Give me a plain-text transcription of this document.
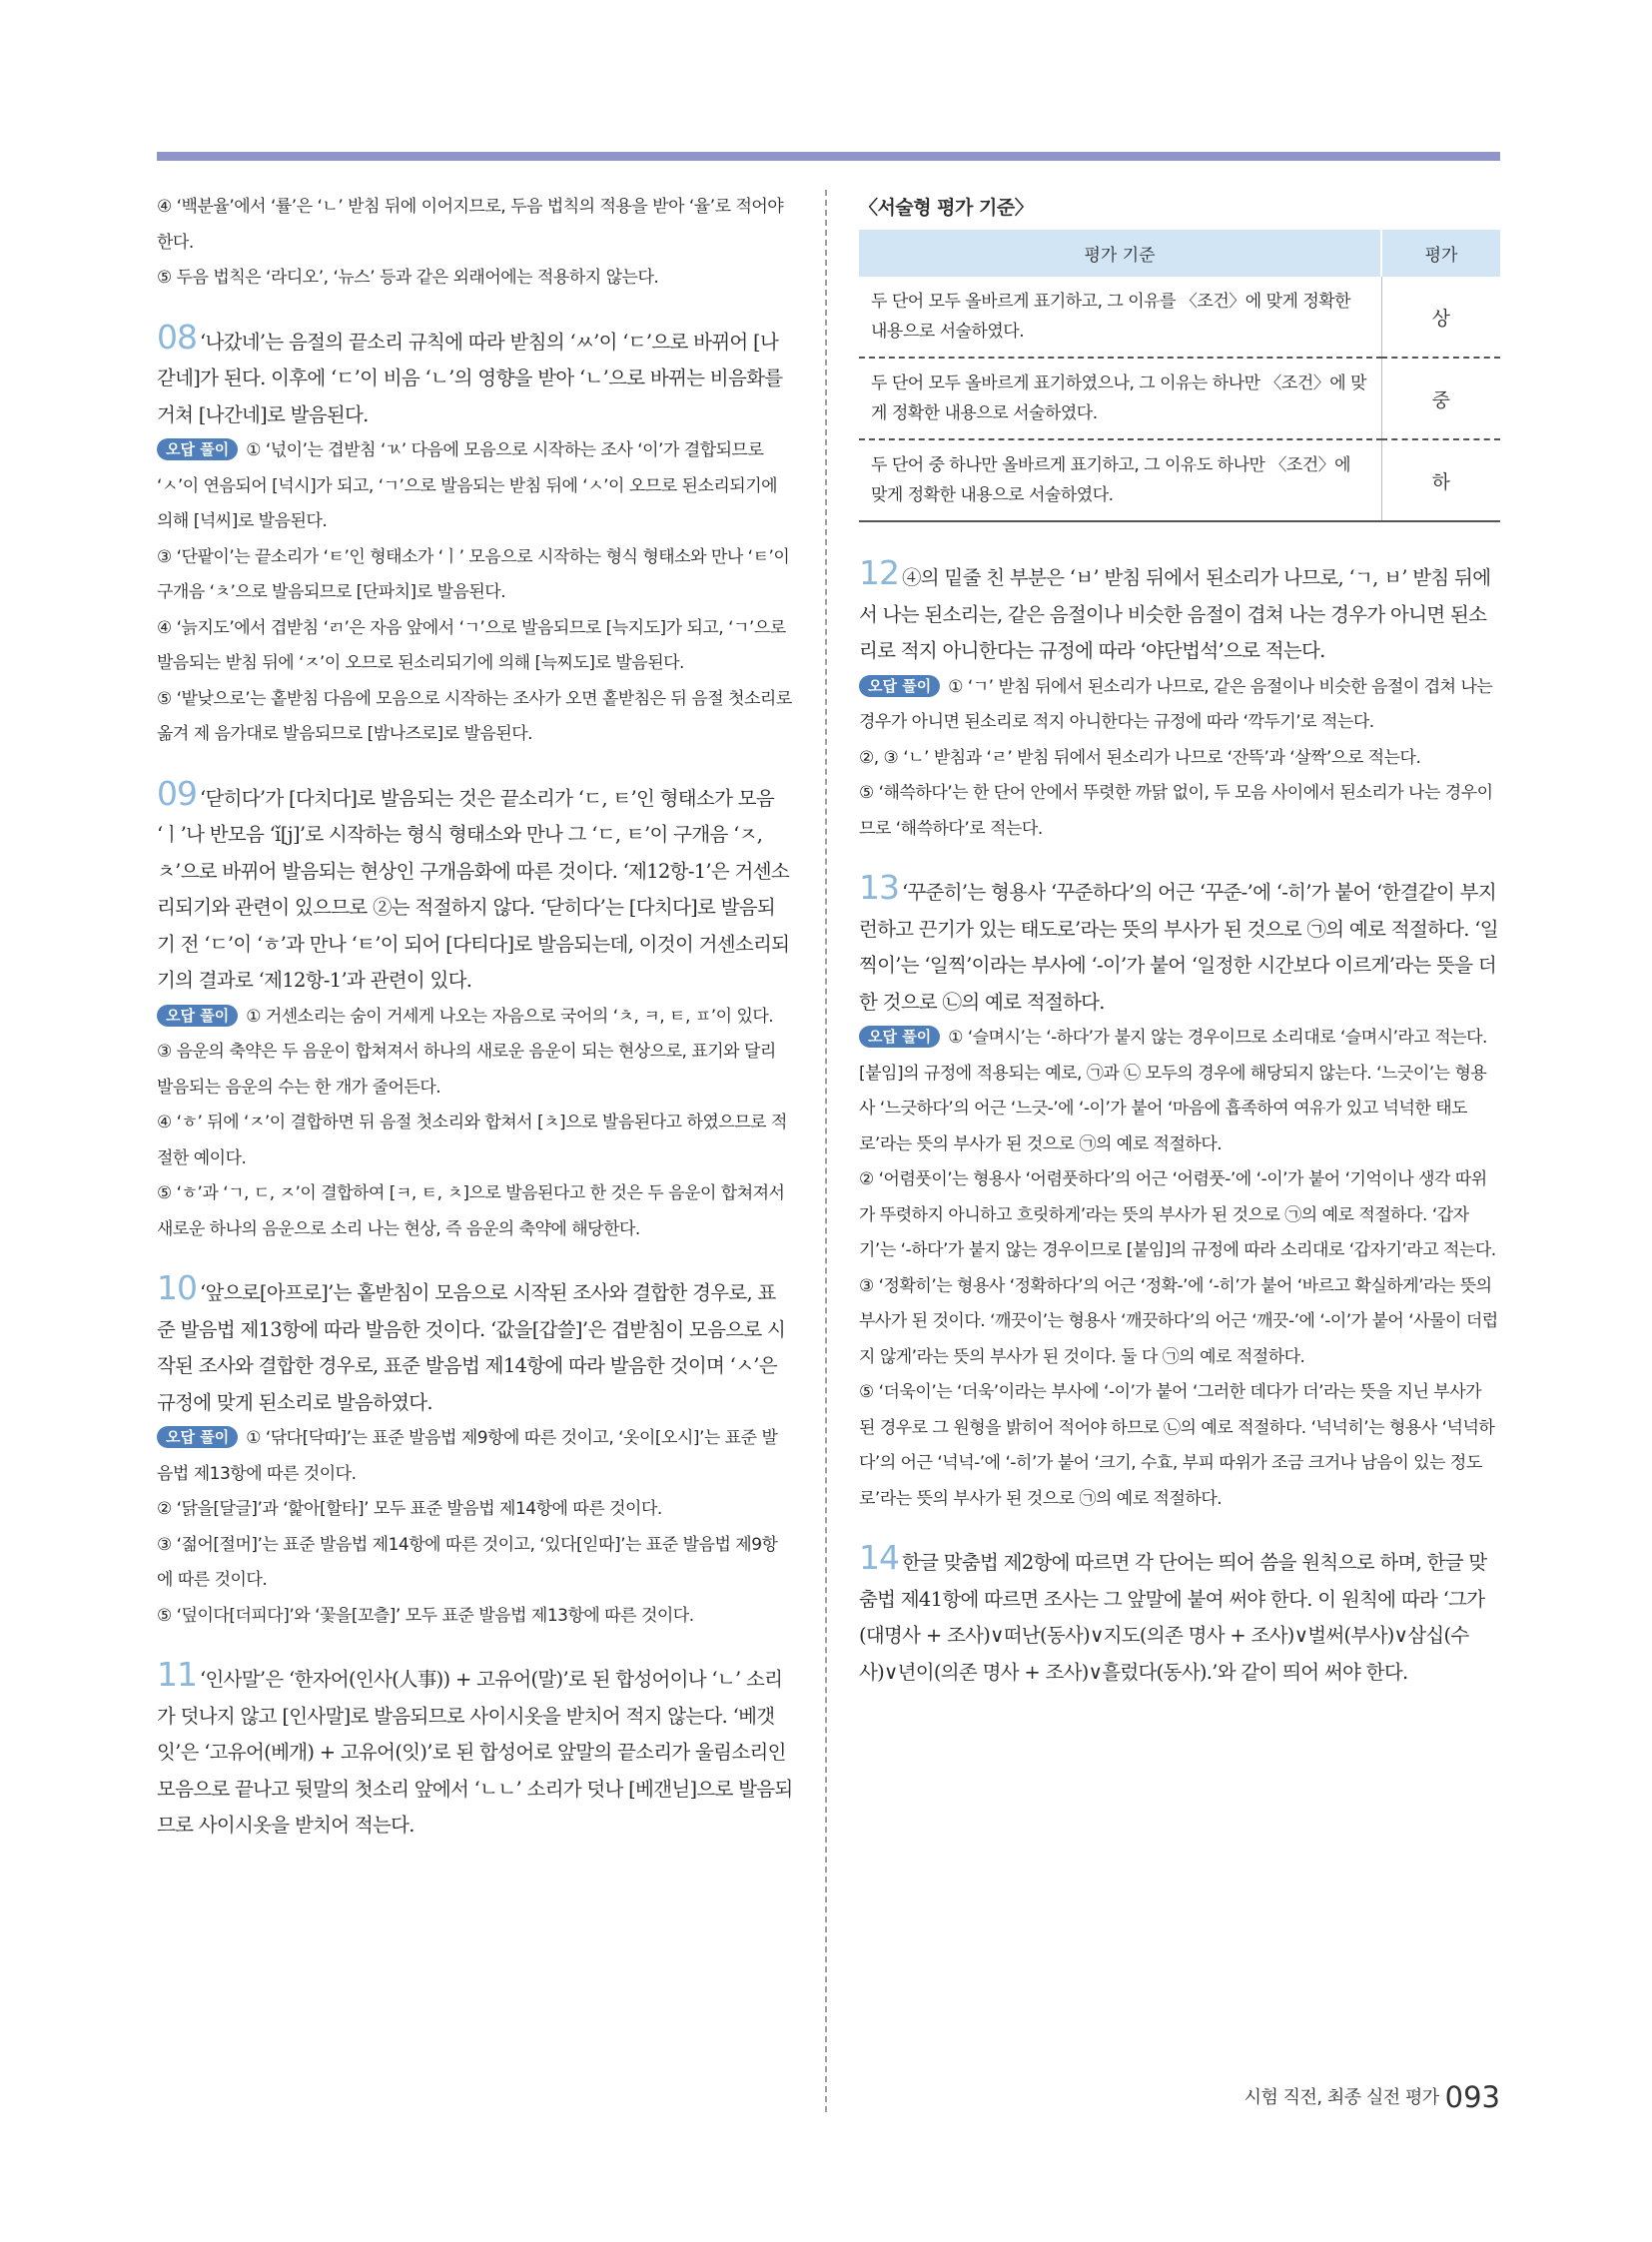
④ ‘백분율’에서 ‘률’은 ‘ㄴ’ 받침 뒤에 이어지므로, 두음 법칙의 적용을 받아 ‘율’로 적어야 한다.

⑤ 두음 법칙은 ‘라디오’, ‘뉴스’ 등과 같은 외래어에는 적용하지 않는다.

08 ‘나갔네’는 음절의 끝소리 규칙에 따라 받침의 ‘ㅆ’이 ‘ㄷ’으로 바뀌어 [나갇네]가 된다. 이후에 ‘ㄷ’이 비음 ‘ㄴ’의 영향을 받아 ‘ㄴ’으로 바뀌는 비음화를 거쳐 [나간네]로 발음된다.

오답 풀이 ① ‘넋이’는 겹받침 ‘ㄳ’ 다음에 모음으로 시작하는 조사 ‘이’가 결합되므로 ‘ㅅ’이 연음되어 [넉시]가 되고, ‘ㄱ’으로 발음되는 받침 뒤에 ‘ㅅ’이 오므로 된소리되기에 의해 [넉씨]로 발음된다.

③ ‘단팥이’는 끝소리가 ‘ㅌ’인 형태소가 ‘ㅣ’ 모음으로 시작하는 형식 형태소와 만나 ‘ㅌ’이 구개음 ‘ㅊ’으로 발음되므로 [단파치]로 발음된다.

④ ‘늙지도’에서 겹받침 ‘ㄺ’은 자음 앞에서 ‘ㄱ’으로 발음되므로 [늑지도]가 되고, ‘ㄱ’으로 발음되는 받침 뒤에 ‘ㅈ’이 오므로 된소리되기에 의해 [늑찌도]로 발음된다.

⑤ ‘밭낮으로’는 홑받침 다음에 모음으로 시작하는 조사가 오면 홑받침은 뒤 음절 첫소리로 옮겨 제 음가대로 발음되므로 [밤나즈로]로 발음된다.

09 ‘닫히다’가 [다치다]로 발음되는 것은 끝소리가 ‘ㄷ, ㅌ’인 형태소가 모음 ‘ㅣ’나 반모음 ‘ǐ[j]’로 시작하는 형식 형태소와 만나 그 ‘ㄷ, ㅌ’이 구개음 ‘ㅈ, ㅊ’으로 바뀌어 발음되는 현상인 구개음화에 따른 것이다. ‘제12항-1’은 거센소리되기와 관련이 있으므로 ②는 적절하지 않다. ‘닫히다’는 [다치다]로 발음되기 전 ‘ㄷ’이 ‘ㅎ’과 만나 ‘ㅌ’이 되어 [다티다]로 발음되는데, 이것이 거센소리되기의 결과로 ‘제12항-1’과 관련이 있다.

오답 풀이 ① 거센소리는 숨이 거세게 나오는 자음으로 국어의 ‘ㅊ, ㅋ, ㅌ, ㅍ’이 있다.

③ 음운의 축약은 두 음운이 합쳐져서 하나의 새로운 음운이 되는 현상으로, 표기와 달리 발음되는 음운의 수는 한 개가 줄어든다.

④ ‘ㅎ’ 뒤에 ‘ㅈ’이 결합하면 뒤 음절 첫소리와 합쳐서 [ㅊ]으로 발음된다고 하였으므로 적절한 예이다.

⑤ ‘ㅎ’과 ‘ㄱ, ㄷ, ㅈ’이 결합하여 [ㅋ, ㅌ, ㅊ]으로 발음된다고 한 것은 두 음운이 합쳐져서 새로운 하나의 음운으로 소리 나는 현상, 즉 음운의 축약에 해당한다.

10 ‘앞으로[아프로]’는 홑받침이 모음으로 시작된 조사와 결합한 경우로, 표준 발음법 제13항에 따라 발음한 것이다. ‘값을[갑쓸]’은 겹받침이 모음으로 시작된 조사와 결합한 경우로, 표준 발음법 제14항에 따라 발음한 것이며 ‘ㅅ’은 규정에 맞게 된소리로 발음하였다.

오답 풀이 ① ‘닦다[닥따]’는 표준 발음법 제9항에 따른 것이고, ‘옷이[오시]’는 표준 발음법 제13항에 따른 것이다.

② ‘닭을[달글]’과 ‘핥아[할타]’ 모두 표준 발음법 제14항에 따른 것이다.

③ ‘젊어[절머]’는 표준 발음법 제14항에 따른 것이고, ‘있다[읻따]’는 표준 발음법 제9항에 따른 것이다.

⑤ ‘덮이다[더피다]’와 ‘꽃을[꼬츨]’ 모두 표준 발음법 제13항에 따른 것이다.

11 ‘인사말’은 ‘한자어(인사(人事)) + 고유어(말)’로 된 합성어이나 ‘ㄴ’ 소리가 덧나지 않고 [인사말]로 발음되므로 사이시옷을 받치어 적지 않는다. ‘베갯잇’은 ‘고유어(베개) + 고유어(잇)’로 된 합성어로 앞말의 끝소리가 울림소리인 모음으로 끝나고 뒷말의 첫소리 앞에서 ‘ㄴㄴ’ 소리가 덧나 [베갠닏]으로 발음되므로 사이시옷을 받치어 적는다.

〈서술형 평가 기준〉
평가 기준	평가
두 단어 모두 올바르게 표기하고, 그 이유를 〈조건〉에 맞게 정확한 내용으로 서술하였다.	상
두 단어 모두 올바르게 표기하였으나, 그 이유는 하나만 〈조건〉에 맞게 정확한 내용으로 서술하였다.	중
두 단어 중 하나만 올바르게 표기하고, 그 이유도 하나만 〈조건〉에 맞게 정확한 내용으로 서술하였다.	하

12 ④의 밑줄 친 부분은 ‘ㅂ’ 받침 뒤에서 된소리가 나므로, ‘ㄱ, ㅂ’ 받침 뒤에서 나는 된소리는, 같은 음절이나 비슷한 음절이 겹쳐 나는 경우가 아니면 된소리로 적지 아니한다는 규정에 따라 ‘야단법석’으로 적는다.

오답 풀이 ① ‘ㄱ’ 받침 뒤에서 된소리가 나므로, 같은 음절이나 비슷한 음절이 겹쳐 나는 경우가 아니면 된소리로 적지 아니한다는 규정에 따라 ‘깍두기’로 적는다.

②, ③ ‘ㄴ’ 받침과 ‘ㄹ’ 받침 뒤에서 된소리가 나므로 ‘잔뜩’과 ‘살짝’으로 적는다.

⑤ ‘해쓱하다’는 한 단어 안에서 뚜렷한 까닭 없이, 두 모음 사이에서 된소리가 나는 경우이므로 ‘해쓱하다’로 적는다.

13 ‘꾸준히’는 형용사 ‘꾸준하다’의 어근 ‘꾸준-’에 ‘-히’가 붙어 ‘한결같이 부지런하고 끈기가 있는 태도로’라는 뜻의 부사가 된 것으로 ㉠의 예로 적절하다. ‘일찍이’는 ‘일찍’이라는 부사에 ‘-이’가 붙어 ‘일정한 시간보다 이르게’라는 뜻을 더한 것으로 ㉡의 예로 적절하다.

오답 풀이 ① ‘슬며시’는 ‘-하다’가 붙지 않는 경우이므로 소리대로 ‘슬며시’라고 적는다. [붙임]의 규정에 적용되는 예로, ㉠과 ㉡ 모두의 경우에 해당되지 않는다. ‘느긋이’는 형용사 ‘느긋하다’의 어근 ‘느긋-’에 ‘-이’가 붙어 ‘마음에 흡족하여 여유가 있고 넉넉한 태도로’라는 뜻의 부사가 된 것으로 ㉠의 예로 적절하다.

② ‘어렴풋이’는 형용사 ‘어렴풋하다’의 어근 ‘어렴풋-’에 ‘-이’가 붙어 ‘기억이나 생각 따위가 뚜렷하지 아니하고 흐릿하게’라는 뜻의 부사가 된 것으로 ㉠의 예로 적절하다. ‘갑자기’는 ‘-하다’가 붙지 않는 경우이므로 [붙임]의 규정에 따라 소리대로 ‘갑자기’라고 적는다.

③ ‘정확히’는 형용사 ‘정확하다’의 어근 ‘정확-’에 ‘-히’가 붙어 ‘바르고 확실하게’라는 뜻의 부사가 된 것이다. ‘깨끗이’는 형용사 ‘깨끗하다’의 어근 ‘깨끗-’에 ‘-이’가 붙어 ‘사물이 더럽지 않게’라는 뜻의 부사가 된 것이다. 둘 다 ㉠의 예로 적절하다.

⑤ ‘더욱이’는 ‘더욱’이라는 부사에 ‘-이’가 붙어 ‘그러한 데다가 더’라는 뜻을 지닌 부사가 된 경우로 그 원형을 밝히어 적어야 하므로 ㉡의 예로 적절하다. ‘넉넉히’는 형용사 ‘넉넉하다’의 어근 ‘넉넉-’에 ‘-히’가 붙어 ‘크기, 수효, 부피 따위가 조금 크거나 남음이 있는 정도로’라는 뜻의 부사가 된 것으로 ㉠의 예로 적절하다.

14 한글 맞춤법 제2항에 따르면 각 단어는 띄어 씀을 원칙으로 하며, 한글 맞춤법 제41항에 따르면 조사는 그 앞말에 붙여 써야 한다. 이 원칙에 따라 ‘그가(대명사 + 조사)∨떠난(동사)∨지도(의존 명사 + 조사)∨벌써(부사)∨삼십(수사)∨년이(의존 명사 + 조사)∨흘렀다(동사).’와 같이 띄어 써야 한다.

시험 직전, 최종 실전 평가 093
